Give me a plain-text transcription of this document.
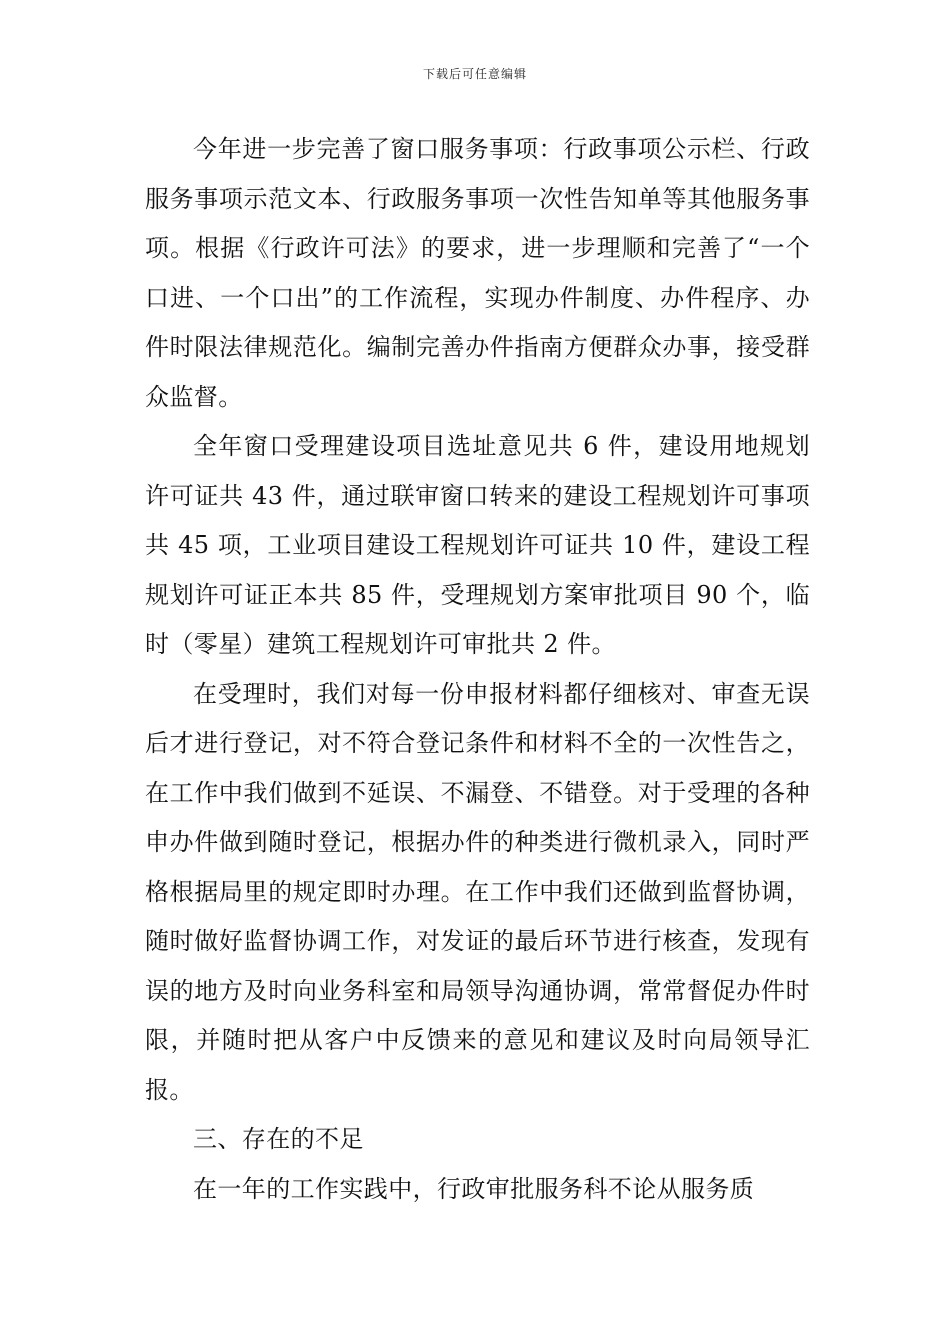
下载后可任意编辑

今年进一步完善了窗口服务事项：行政事项公示栏、行政服务事项示范文本、行政服务事项一次性告知单等其他服务事项。根据《行政许可法》的要求，进一步理顺和完善了“一个口进、一个口出”的工作流程，实现办件制度、办件程序、办件时限法律规范化。编制完善办件指南方便群众办事，接受群众监督。

全年窗口受理建设项目选址意见共 6 件，建设用地规划许可证共 43 件，通过联审窗口转来的建设工程规划许可事项共 45 项，工业项目建设工程规划许可证共 10 件，建设工程规划许可证正本共 85 件，受理规划方案审批项目 90 个，临时（零星）建筑工程规划许可审批共 2 件。

在受理时，我们对每一份申报材料都仔细核对、审查无误后才进行登记，对不符合登记条件和材料不全的一次性告之，在工作中我们做到不延误、不漏登、不错登。对于受理的各种申办件做到随时登记，根据办件的种类进行微机录入，同时严格根据局里的规定即时办理。在工作中我们还做到监督协调，随时做好监督协调工作，对发证的最后环节进行核查，发现有误的地方及时向业务科室和局领导沟通协调，常常督促办件时限，并随时把从客户中反馈来的意见和建议及时向局领导汇报。

三、存在的不足

在一年的工作实践中，行政审批服务科不论从服务质
